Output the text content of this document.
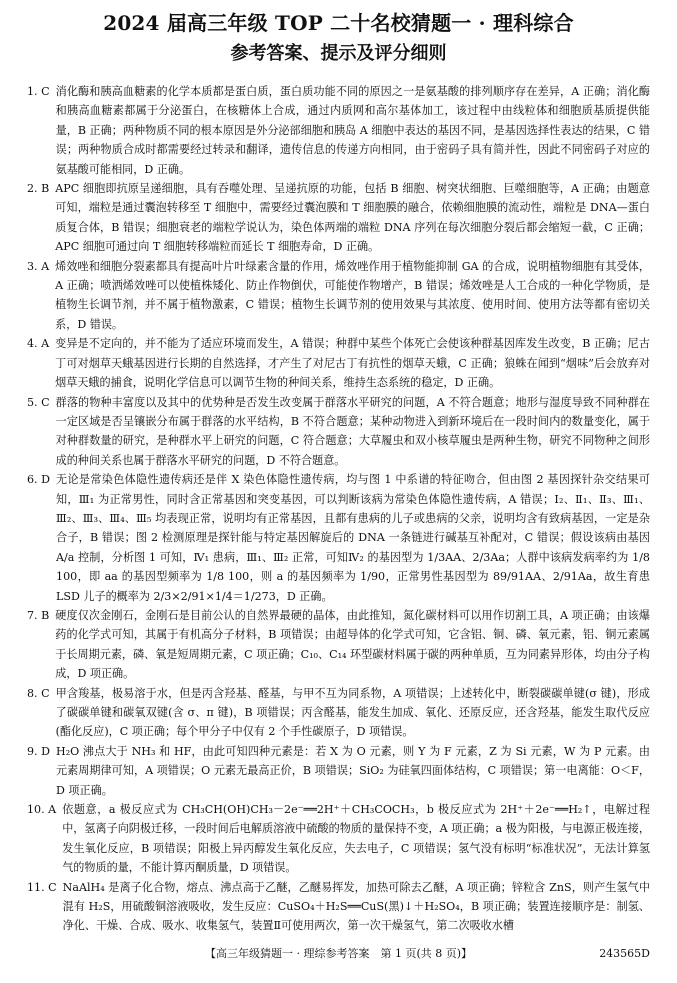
2024 届高三年级 TOP 二十名校猜题一 · 理科综合
参考答案、提示及评分细则
1. C 消化酶和胰高血糖素的化学本质都是蛋白质，蛋白质功能不同的原因之一是氨基酸的排列顺序存在差异，A 正确；消化酶和胰高血糖素都属于分泌蛋白，在核糖体上合成，通过内质网和高尔基体加工，该过程中由线粒体和细胞质基质提供能量，B 正确；两种物质不同的根本原因是外分泌部细胞和胰岛 A 细胞中表达的基因不同，是基因选择性表达的结果，C 错误；两种物质合成时都需要经过转录和翻译，遗传信息的传递方向相同，由于密码子具有简并性，因此不同密码子对应的氨基酸可能相同，D 正确。
2. B APC 细胞即抗原呈递细胞，具有吞噬处理、呈递抗原的功能，包括 B 细胞、树突状细胞、巨噬细胞等，A 正确；由题意可知，端粒是通过囊泡转移至 T 细胞中，需要经过囊泡膜和 T 细胞膜的融合，依赖细胞膜的流动性，端粒是 DNA—蛋白质复合体，B 错误；细胞衰老的端粒学说认为，染色体两端的端粒 DNA 序列在每次细胞分裂后都会缩短一截，C 正确；APC 细胞可通过向 T 细胞转移端粒而延长 T 细胞寿命，D 正确。
3. A 烯效唑和细胞分裂素都具有提高叶片叶绿素含量的作用，烯效唑作用于植物能抑制 GA 的合成，说明植物细胞有其受体，A 正确；喷洒烯效唑可以使植株矮化、防止作物倒伏，可能使作物增产，B 错误；烯效唑是人工合成的一种化学物质，是植物生长调节剂，并不属于植物激素，C 错误；植物生长调节剂的使用效果与其浓度、使用时间、使用方法等都有密切关系，D 错误。
4. A 变异是不定向的，并不能为了适应环境而发生，A 错误；种群中某些个体死亡会使该种群基因库发生改变，B 正确；尼古丁可对烟草天蛾基因进行长期的自然选择，才产生了对尼古丁有抗性的烟草天蛾，C 正确；狼蛛在闻到“烟味”后会放弃对烟草天蛾的捕食，说明化学信息可以调节生物的种间关系，维持生态系统的稳定，D 正确。
5. C 群落的物种丰富度以及其中的优势种是否发生改变属于群落水平研究的问题，A 不符合题意；地形与湿度导致不同种群在一定区域是否呈镶嵌分布属于群落的水平结构，B 不符合题意；某种动物进入到新环境后在一段时间内的数量变化，属于对种群数量的研究，是种群水平上研究的问题，C 符合题意；大草履虫和双小核草履虫是两种生物，研究不同物种之间形成的种间关系也属于群落水平研究的问题，D 不符合题意。
6. D 无论是常染色体隐性遗传病还是伴 X 染色体隐性遗传病，均与图 1 中系谱的特征吻合，但由图 2 基因探针杂交结果可知，Ⅲ₁ 为正常男性，同时含正常基因和突变基因，可以判断该病为常染色体隐性遗传病，A 错误；Ⅰ₂、Ⅱ₁、Ⅱ₃、Ⅲ₁、Ⅲ₂、Ⅲ₃、Ⅲ₄、Ⅲ₅ 均表现正常，说明均有正常基因，且都有患病的儿子或患病的父亲，说明均含有致病基因，一定是杂合子，B 错误；图 2 检测原理是探针能与特定基因解旋后的 DNA 一条链进行碱基互补配对，C 错误；假设该病由基因 A/a 控制，分析图 1 可知，Ⅳ₁ 患病，Ⅲ₁、Ⅲ₂ 正常，可知Ⅳ₂ 的基因型为 1/3AA、2/3Aa；人群中该病发病率约为 1/8 100，即 aa 的基因型频率为 1/8 100，则 a 的基因频率为 1/90，正常男性基因型为 89/91AA、2/91Aa，故生育患 LSD 儿子的概率为 2/3×2/91×1/4＝1/273，D 正确。
7. B 硬度仅次金刚石，金刚石是目前公认的自然界最硬的晶体，由此推知，氮化碳材料可以用作切割工具，A 项正确；由该爆药的化学式可知，其属于有机高分子材料，B 项错误；由超导体的化学式可知，它含铝、铜、磷、氧元素，铝、铜元素属于长周期元素，磷、氧是短周期元素，C 项正确；C₁₀、C₁₄ 环型碳材料属于碳的两种单质，互为同素异形体，均由分子构成，D 项正确。
8. C 甲含羧基，极易溶于水，但是丙含羟基、醛基，与甲不互为同系物，A 项错误；上述转化中，断裂碳碳单键(σ 键)，形成了碳碳单键和碳氧双键(含 σ、π 键)，B 项错误；丙含醛基，能发生加成、氧化、还原反应，还含羟基，能发生取代反应(酯化反应)，C 项正确；每个甲分子中仅有 2 个手性碳原子，D 项错误。
9. D H₂O 沸点大于 NH₃ 和 HF，由此可知四种元素是：若 X 为 O 元素，则 Y 为 F 元素，Z 为 Si 元素，W 为 P 元素。由元素周期律可知，A 项错误；O 元素无最高正价，B 项错误；SiO₂ 为硅氧四面体结构，C 项错误；第一电离能：O＜F，D 项正确。
10. A 依题意，a 极反应式为 CH₃CH(OH)CH₃－2e⁻══2H⁺＋CH₃COCH₃，b 极反应式为 2H⁺＋2e⁻══H₂↑，电解过程中，氢离子向阴极迁移，一段时间后电解质溶液中硫酸的物质的量保持不变，A 项正确；a 极为阳极，与电源正极连接，发生氧化反应，B 项错误；阳极上异丙醇发生氧化反应，失去电子，C 项错误；氢气没有标明“标准状况”，无法计算氢气的物质的量，不能计算丙酮质量，D 项错误。
11. C NaAlH₄ 是离子化合物，熔点、沸点高于乙醚，乙醚易挥发，加热可除去乙醚，A 项正确；锌粒含 ZnS，则产生氢气中混有 H₂S，用硫酸铜溶液吸收，发生反应：CuSO₄＋H₂S══CuS(黑)↓＋H₂SO₄，B 项正确；装置连接顺序是：制氢、净化、干燥、合成、吸水、收集氢气，装置Ⅱ可使用两次，第一次干燥氢气，第二次吸收水槽
【高三年级猜题一 · 理综参考答案　第 1 页(共 8 页)】	243565D
